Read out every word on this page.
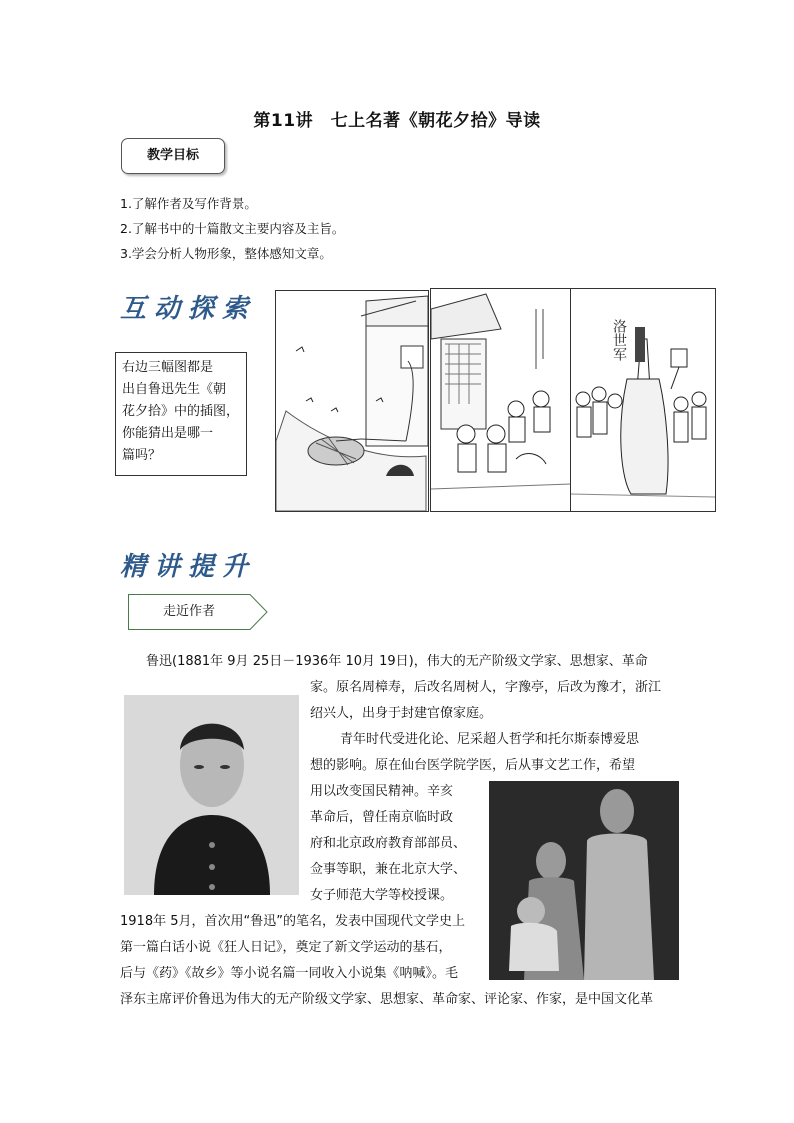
第11讲　七上名著《朝花夕拾》导读
教学目标
1.了解作者及写作背景。
2.了解书中的十篇散文主要内容及主旨。
3.学会分析人物形象，整体感知文章。
互动探索
右边三幅图都是
出自鲁迅先生《朝
花夕拾》中的插图，
你能猜出是哪一
篇吗？
洛世军
精讲提升
走近作者
鲁迅(1881年 9月 25日－1936年 10月 19日)，伟大的无产阶级文学家、思想家、革命
家。原名周樟寿，后改名周树人，字豫亭，后改为豫才，浙江
绍兴人，出身于封建官僚家庭。
青年时代受进化论、尼采超人哲学和托尔斯泰博爱思
想的影响。原在仙台医学院学医，后从事文艺工作，希望
用以改变国民精神。辛亥
革命后，曾任南京临时政
府和北京政府教育部部员、
佥事等职，兼在北京大学、
女子师范大学等校授课。
1918年 5月，首次用“鲁迅”的笔名，发表中国现代文学史上
第一篇白话小说《狂人日记》，奠定了新文学运动的基石，
后与《药》《故乡》等小说名篇一同收入小说集《呐喊》。毛
泽东主席评价鲁迅为伟大的无产阶级文学家、思想家、革命家、评论家、作家，是中国文化革
